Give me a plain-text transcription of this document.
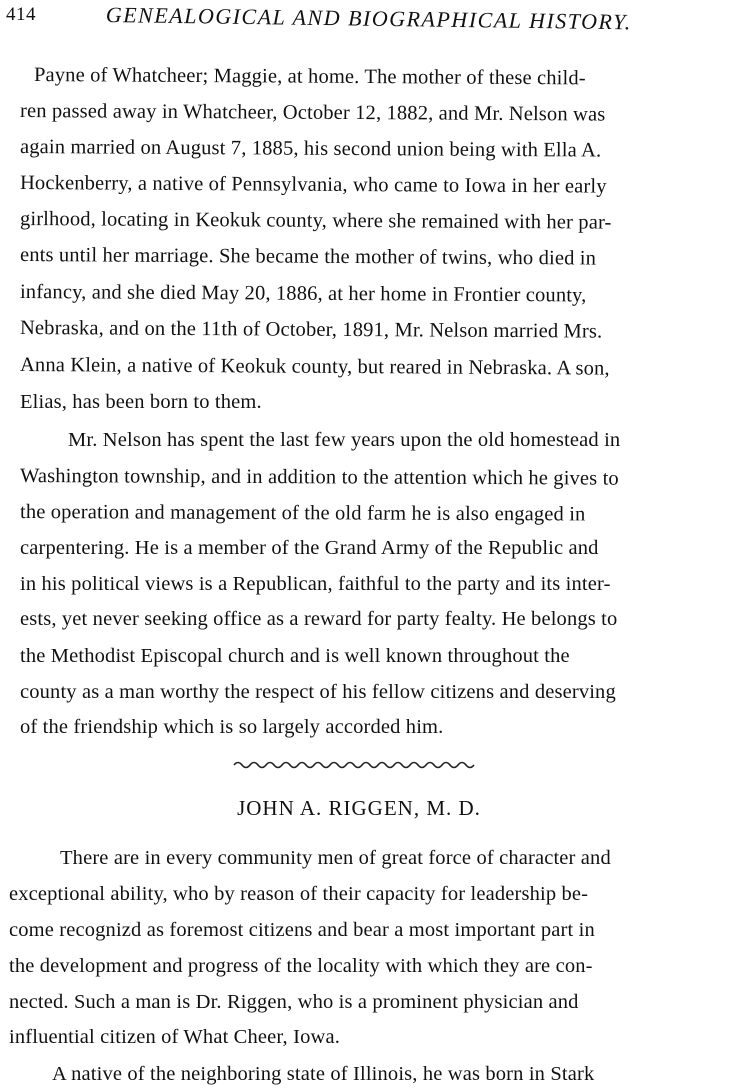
414	GENEALOGICAL AND BIOGRAPHICAL HISTORY.
Payne of Whatcheer; Maggie, at home. The mother of these child-
ren passed away in Whatcheer, October 12, 1882, and Mr. Nelson was
again married on August 7, 1885, his second union being with Ella A.
Hockenberry, a native of Pennsylvania, who came to Iowa in her early
girlhood, locating in Keokuk county, where she remained with her par-
ents until her marriage. She became the mother of twins, who died in
infancy, and she died May 20, 1886, at her home in Frontier county,
Nebraska, and on the 11th of October, 1891, Mr. Nelson married Mrs.
Anna Klein, a native of Keokuk county, but reared in Nebraska. A son,
Elias, has been born to them.
Mr. Nelson has spent the last few years upon the old homestead in
Washington township, and in addition to the attention which he gives to
the operation and management of the old farm he is also engaged in
carpentering. He is a member of the Grand Army of the Republic and
in his political views is a Republican, faithful to the party and its inter-
ests, yet never seeking office as a reward for party fealty. He belongs to
the Methodist Episcopal church and is well known throughout the
county as a man worthy the respect of his fellow citizens and deserving
of the friendship which is so largely accorded him.
JOHN A. RIGGEN, M. D.
There are in every community men of great force of character and
exceptional ability, who by reason of their capacity for leadership be-
come recognizd as foremost citizens and bear a most important part in
the development and progress of the locality with which they are con-
nected. Such a man is Dr. Riggen, who is a prominent physician and
influential citizen of What Cheer, Iowa.
A native of the neighboring state of Illinois, he was born in Stark
